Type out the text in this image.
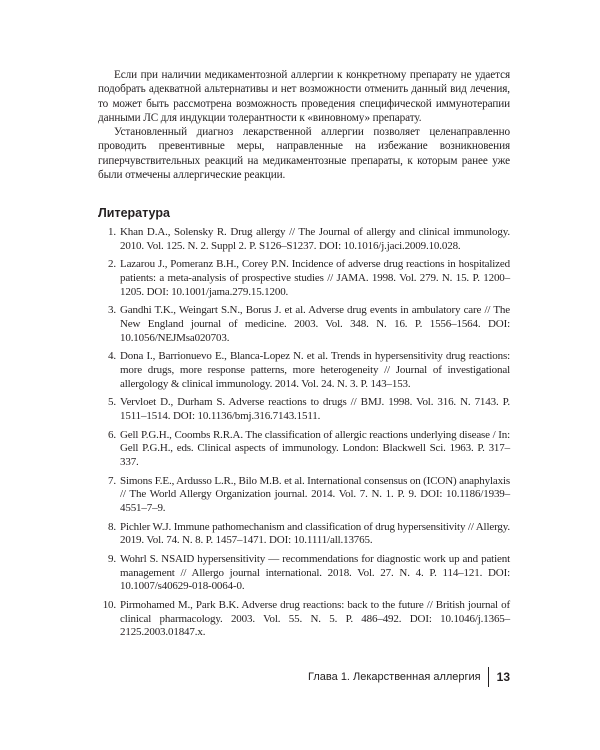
Если при наличии медикаментозной аллергии к конкретному препарату не удается подобрать адекватной альтернативы и нет возможности отменить данный вид лечения, то может быть рассмотрена возможность проведения специфической иммунотерапии данными ЛС для индукции толерантности к «виновному» препарату.

Установленный диагноз лекарственной аллергии позволяет целенаправленно проводить превентивные меры, направленные на избежание возникновения гиперчувствительных реакций на медикаментозные препараты, к которым ранее уже были отмечены аллергические реакции.

Литература
1. Khan D.A., Solensky R. Drug allergy // The Journal of allergy and clinical immunology. 2010. Vol. 125. N. 2. Suppl 2. P. S126–S1237. DOI: 10.1016/j.jaci.2009.10.028.
2. Lazarou J., Pomeranz B.H., Corey P.N. Incidence of adverse drug reactions in hospitalized patients: a meta-analysis of prospective studies // JAMA. 1998. Vol. 279. N. 15. P. 1200–1205. DOI: 10.1001/jama.279.15.1200.
3. Gandhi T.K., Weingart S.N., Borus J. et al. Adverse drug events in ambulatory care // The New England journal of medicine. 2003. Vol. 348. N. 16. P. 1556–1564. DOI: 10.1056/NEJMsa020703.
4. Dona I., Barrionuevo E., Blanca-Lopez N. et al. Trends in hypersensitivity drug reactions: more drugs, more response patterns, more heterogeneity // Journal of investigational allergology & clinical immunology. 2014. Vol. 24. N. 3. P. 143–153.
5. Vervloet D., Durham S. Adverse reactions to drugs // BMJ. 1998. Vol. 316. N. 7143. P. 1511–1514. DOI: 10.1136/bmj.316.7143.1511.
6. Gell P.G.H., Coombs R.R.A. The classification of allergic reactions underlying disease / In: Gell P.G.H., eds. Clinical aspects of immunology. London: Blackwell Sci. 1963. P. 317–337.
7. Simons F.E., Ardusso L.R., Bilo M.B. et al. International consensus on (ICON) anaphylaxis // The World Allergy Organization journal. 2014. Vol. 7. N. 1. P. 9. DOI: 10.1186/1939–4551–7–9.
8. Pichler W.J. Immune pathomechanism and classification of drug hypersensitivity // Allergy. 2019. Vol. 74. N. 8. P. 1457–1471. DOI: 10.1111/all.13765.
9. Wohrl S. NSAID hypersensitivity — recommendations for diagnostic work up and patient management // Allergo journal international. 2018. Vol. 27. N. 4. P. 114–121. DOI: 10.1007/s40629-018-0064-0.
10. Pirmohamed M., Park B.K. Adverse drug reactions: back to the future // British journal of clinical pharmacology. 2003. Vol. 55. N. 5. P. 486–492. DOI: 10.1046/j.1365–2125.2003.01847.x.
Глава 1. Лекарственная аллергия 13
